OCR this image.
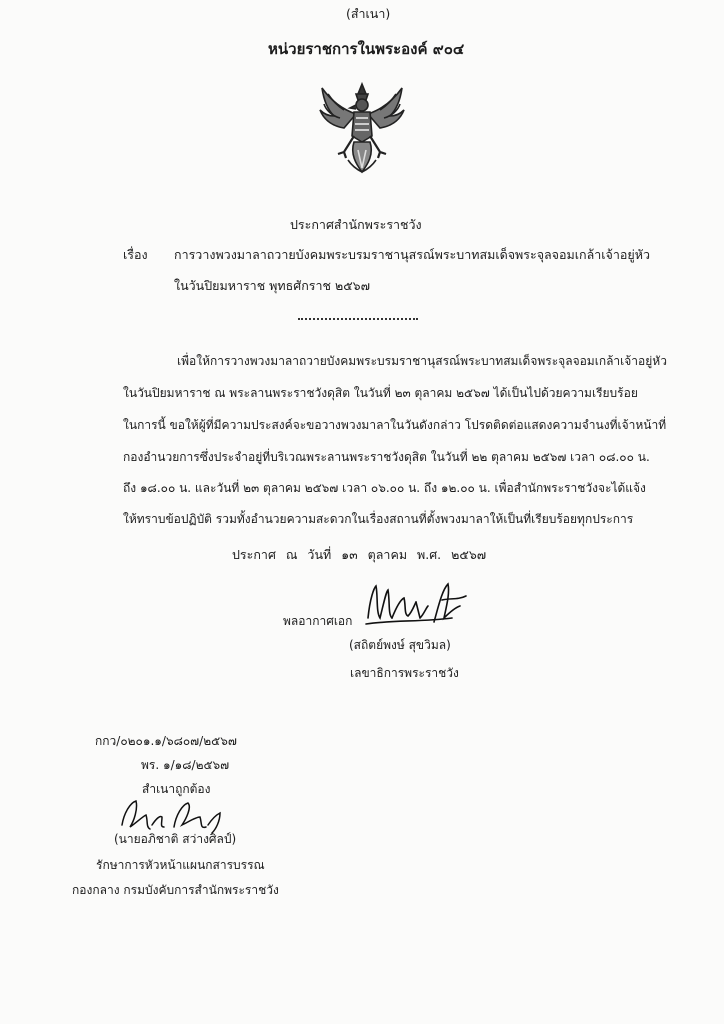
(สำเนา)
หน่วยราชการในพระองค์ ๙๐๔
ประกาศสำนักพระราชวัง
เรื่อง การวางพวงมาลาถวายบังคมพระบรมราชานุสรณ์พระบาทสมเด็จพระจุลจอมเกล้าเจ้าอยู่หัว
ในวันปิยมหาราช พุทธศักราช ๒๕๖๗
เพื่อให้การวางพวงมาลาถวายบังคมพระบรมราชานุสรณ์พระบาทสมเด็จพระจุลจอมเกล้าเจ้าอยู่หัว
ในวันปิยมหาราช ณ พระลานพระราชวังดุสิต ในวันที่ ๒๓ ตุลาคม ๒๕๖๗ ได้เป็นไปด้วยความเรียบร้อย
ในการนี้ ขอให้ผู้ที่มีความประสงค์จะขอวางพวงมาลาในวันดังกล่าว โปรดติดต่อแสดงความจำนงที่เจ้าหน้าที่
กองอำนวยการซึ่งประจำอยู่ที่บริเวณพระลานพระราชวังดุสิต ในวันที่ ๒๒ ตุลาคม ๒๕๖๗ เวลา ๐๘.๐๐ น.
ถึง ๑๘.๐๐ น. และวันที่ ๒๓ ตุลาคม ๒๕๖๗ เวลา ๐๖.๐๐ น. ถึง ๑๒.๐๐ น. เพื่อสำนักพระราชวังจะได้แจ้ง
ให้ทราบข้อปฏิบัติ รวมทั้งอำนวยความสะดวกในเรื่องสถานที่ตั้งพวงมาลาให้เป็นที่เรียบร้อยทุกประการ
ประกาศ ณ วันที่ ๑๓ ตุลาคม พ.ศ. ๒๕๖๗
พลอากาศเอก
(สถิตย์พงษ์ สุขวิมล)
เลขาธิการพระราชวัง
กกว/๐๒๐๑.๑/๖๘๐๗/๒๕๖๗
พร. ๑/๑๘/๒๕๖๗
สำเนาถูกต้อง
(นายอภิชาติ สว่างศิลป์)
รักษาการหัวหน้าแผนกสารบรรณ
กองกลาง กรมบังคับการสำนักพระราชวัง
